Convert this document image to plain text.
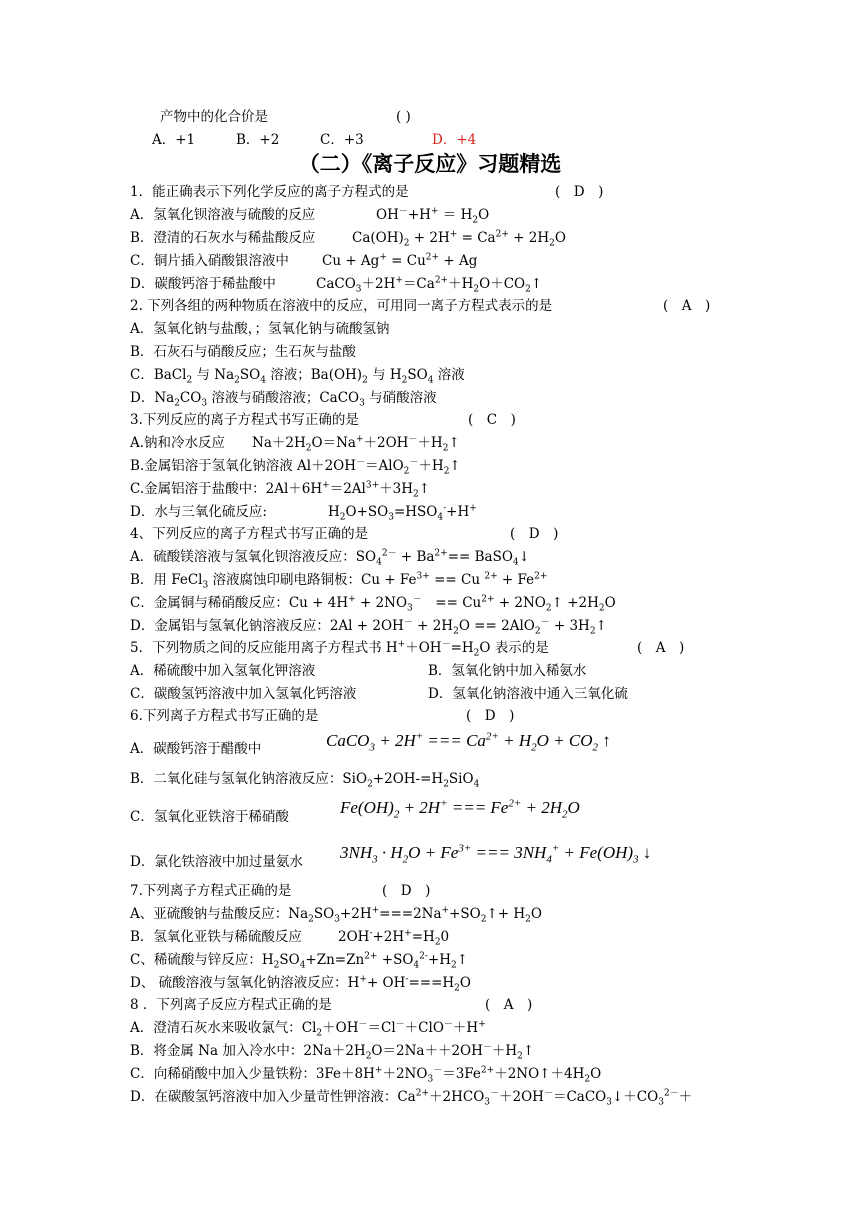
产物中的化合价是	( )
A．+1	B．+2	C．+3	D．+4
（二）《离子反应》习题精选
1．能正确表示下列化学反应的离子方程式的是	(　D　)
A．氢氧化钡溶液与硫酸的反应	$OH^-+H^+ = H_2O$
B．澄清的石灰水与稀盐酸反应	$Ca(OH)_2 + 2H^+ = Ca^{2+} + 2H_2O$
C．铜片插入硝酸银溶液中 $Cu + Ag^+ = Cu^{2+} + Ag$
D．碳酸钙溶于稀盐酸中	$CaCO_3+2H^+=Ca^{2+}+H_2O+CO_2↑$
2. 下列各组的两种物质在溶液中的反应，可用同一离子方程式表示的是	(　A　)
A．氢氧化钠与盐酸，；氢氧化钠与硫酸氢钠
B．石灰石与硝酸反应；生石灰与盐酸
C．BaCl$_2$ 与 $Na_2SO_4$ 溶液；$Ba(OH)_2$ 与 $H_2SO_4$ 溶液
D．$Na_2CO_3$ 溶液与硝酸溶液；CaCO$_3$ 与硝酸溶液
3.下列反应的离子方程式书写正确的是	(　C　)
A.钠和冷水反应　　$Na+2H_2O=Na^++2OH^-+H_2↑$
B.金属铝溶于氢氧化钠溶液 $Al+2OH^-=AlO_2^-+H_2↑$
C.金属铝溶于盐酸中：$2Al+6H^+=2Al^{3+}+3H_2↑$
D．水与三氧化硫反应:	$H_2O+SO_3=HSO_4^-+H^+$
4、下列反应的离子方程式书写正确的是	(　D　)
A．硫酸镁溶液与氢氧化钡溶液反应：$SO_4^{2-} + Ba^{2+}==$ BaSO$_4$↓
B．用 FeCl$_3$ 溶液腐蚀印刷电路铜板：$Cu + Fe^{3+} == Cu$ $^{2+} + Fe^{2+}$
C．金属铜与稀硝酸反应：$Cu + 4H^+ + 2NO_3^-$　== $Cu^{2+}$ + $2NO_2↑ +2H_2O$
D．金属铝与氢氧化钠溶液反应：$2Al + 2OH^- + 2H_2O == 2AlO_2^-$ + $3H_2↑$
5．下列物质之间的反应能用离子方程式书 $H^++OH^-=H_2O$ 表示的是	(　A　)
A．稀硫酸中加入氢氧化钾溶液	B．氢氧化钠中加入稀氨水
C．碳酸氢钙溶液中加入氢氧化钙溶液	D．氢氧化钠溶液中通入三氧化硫
6.下列离子方程式书写正确的是	(　D　)
A．碳酸钙溶于醋酸中	CaCO$_3$ + 2H+ === $Ca^{2+} + H_2O + CO_2$ ↑
B．二氧化硅与氢氧化钠溶液反应：$SiO_2+2OH-=H_2SiO_4$
C．氢氧化亚铁溶于稀硝酸	$Fe(OH)_2 + 2H^+$ === $Fe^{2+} + 2H_2O$
D．氯化铁溶液中加过量氨水 $3NH_3 \cdot H_2O + Fe^{3+}$ === $3NH_4^+ + Fe(OH)_3$ ↓
7.下列离子方程式正确的是	(　D　)
A、亚硫酸钠与盐酸反应：$Na_2SO_3+2H^+===2Na^++SO_2↑+ H_2O$
B．氢氧化亚铁与稀硫酸反应	$2OH^-+2H^+=H_20$
C、稀硫酸与锌反应：$H_2SO_4+Zn=Zn^{2+}$ $+SO_4^{2-}+H_2↑$
D、 硫酸溶液与氢氧化钠溶液反应：$H^++ OH^-===H_2O$
8 ．下列离子反应方程式正确的是	(　A　)
A．澄清石灰水来吸收氯气：$Cl_2+OH^-=Cl^-+ClO^-+H^+$
B．将金属 Na 加入冷水中：$2Na+2H_2O=2Na++2OH^-+H_2↑$
C．向稀硝酸中加入少量铁粉：$3Fe+8H^++2NO_3^-=3Fe^{2+}+2NO↑+4H_2O$
D．在碳酸氢钙溶液中加入少量苛性钾溶液：$Ca^{2+}+2HCO_3^-+2OH^-=CaCO_3↓+CO_3^{2-}+$
